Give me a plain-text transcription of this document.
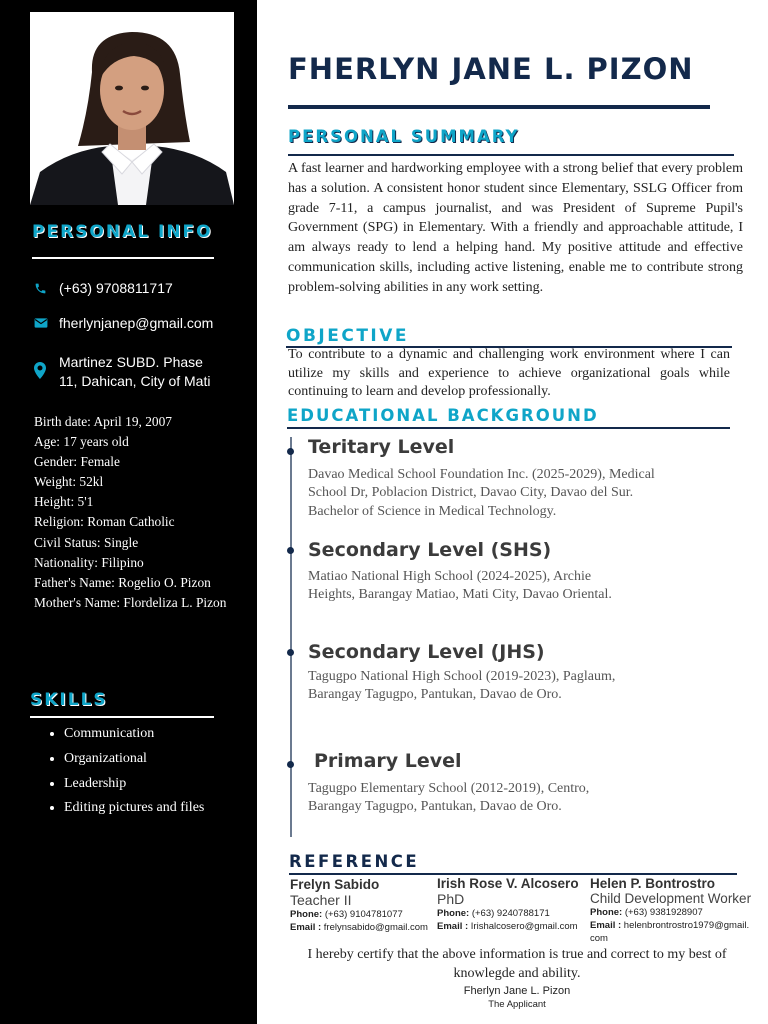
PERSONAL INFO
(+63) 9708811717
fherlynjanep@gmail.com
Martinez SUBD. Phase 11, Dahican, City of Mati
Birth date: April 19, 2007
Age: 17 years old
Gender: Female
Weight: 52kl
Height: 5'1
Religion: Roman Catholic
Civil Status: Single
Nationality: Filipino
Father's Name: Rogelio O. Pizon
Mother's Name: Flordeliza L. Pizon
SKILLS
Communication
Organizational
Leadership
Editing pictures and files
FHERLYN JANE L. PIZON
PERSONAL SUMMARY
A fast learner and hardworking employee with a strong belief that every problem has a solution. A consistent honor student since Elementary, SSLG Officer from grade 7-11, a campus journalist, and was President of Supreme Pupil's Government (SPG) in Elementary. With a friendly and approachable attitude, I am always ready to lend a helping hand. My positive attitude and effective communication skills, including active listening, enable me to contribute strong problem-solving abilities in any work setting.
OBJECTIVE
To contribute to a dynamic and challenging work environment where I can utilize my skills and experience to achieve organizational goals while continuing to learn and develop professionally.
EDUCATIONAL BACKGROUND
Teritary Level
Davao Medical School Foundation Inc. (2025-2029), Medical School Dr, Poblacion District, Davao City, Davao del Sur. Bachelor of Science in Medical Technology.
Secondary Level (SHS)
Matiao National High School (2024-2025), Archie Heights, Barangay Matiao, Mati City, Davao Oriental.
Secondary Level (JHS)
Tagugpo National High School (2019-2023), Paglaum, Barangay Tagugpo, Pantukan, Davao de Oro.
Primary Level
Tagugpo Elementary School (2012-2019), Centro, Barangay Tagugpo, Pantukan, Davao de Oro.
REFERENCE
Frelyn Sabido
Teacher II
Phone: (+63) 9104781077
Email : frelynsabido@gmail.com
Irish Rose V. Alcosero
PhD
Phone: (+63) 9240788171
Email : Irishalcosero@gmail.com
Helen P. Bontrostro
Child Development Worker
Phone: (+63) 9381928907
Email : helenbrontrostro1979@gmail.com
I hereby certify that the above information is true and correct to my best of knowlegde and ability.
Fherlyn Jane L. Pizon
The Applicant
